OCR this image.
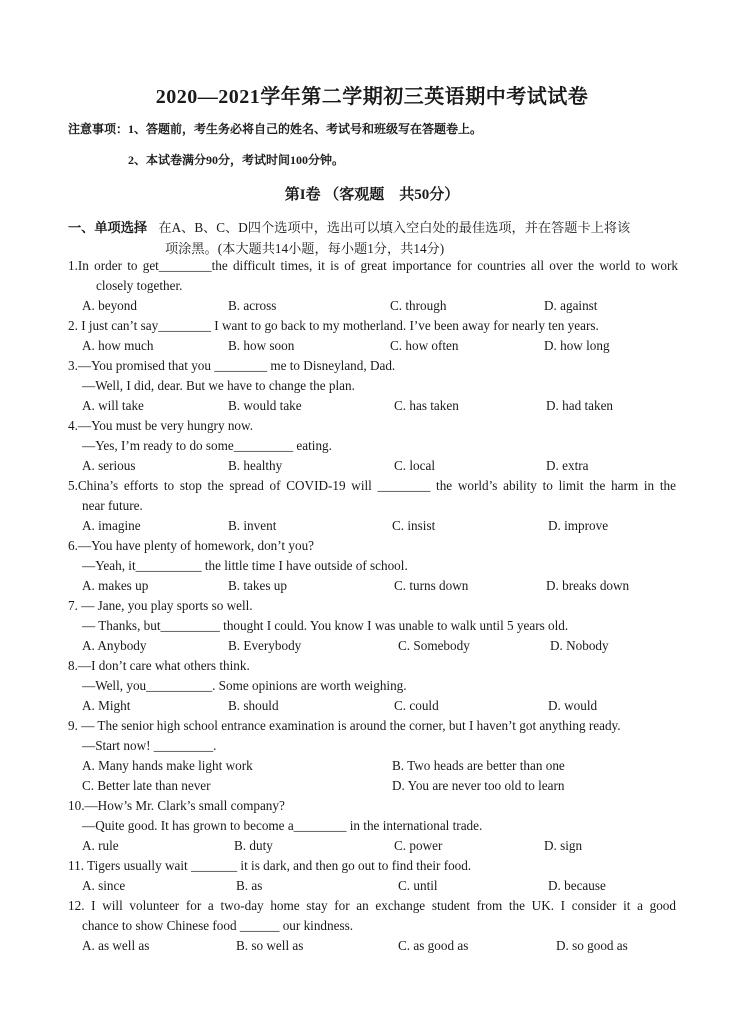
2020—2021学年第二学期初三英语期中考试试卷
注意事项：1、答题前，考生务必将自己的姓名、考试号和班级写在答题卷上。
2、本试卷满分90分，考试时间100分钟。
第I卷 （客观题　共50分）
一、单项选择 在A、B、C、D四个选项中，选出可以填入空白处的最佳选项，并在答题卡上将该
项涂黑。(本大题共14小题，每小题1分，共14分)
1.In order to get________the difficult times, it is of great importance for countries all over the world to work
closely together.
A. beyond	B. across	C. through	D. against
2. I just can’t say________ I want to go back to my motherland. I’ve been away for nearly ten years.
A. how much	B. how soon	C. how often	D. how long
3.—You promised that you ________ me to Disneyland, Dad.
—Well, I did, dear. But we have to change the plan.
A. will take	B. would take	C. has taken	D. had taken
4.—You must be very hungry now.
—Yes, I’m ready to do some_________ eating.
A. serious	B. healthy	C. local	D. extra
5.China’s efforts to stop the spread of COVID-19 will ________ the world’s ability to limit the harm in the
near future.
A. imagine	B. invent	C. insist	D. improve
6.—You have plenty of homework, don’t you?
—Yeah, it__________ the little time I have outside of school.
A. makes up	B. takes up	C. turns down	D. breaks down
7. — Jane, you play sports so well.
— Thanks, but_________ thought I could. You know I was unable to walk until 5 years old.
A. Anybody	B. Everybody	C. Somebody	D. Nobody
8.—I don’t care what others think.
—Well, you__________. Some opinions are worth weighing.
A. Might	B. should	C. could	D. would
9. — The senior high school entrance examination is around the corner, but I haven’t got anything ready.
—Start now! _________.
A. Many hands make light work	B. Two heads are better than one
C. Better late than never	D. You are never too old to learn
10.—How’s Mr. Clark’s small company?
—Quite good. It has grown to become a________ in the international trade.
A. rule	B. duty	C. power	D. sign
11. Tigers usually wait _______ it is dark, and then go out to find their food.
A. since	B. as	C. until	D. because
12. I will volunteer for a two-day home stay for an exchange student from the UK. I consider it a good
chance to show Chinese food ______ our kindness.
A. as well as	B. so well as	C. as good as	D. so good as
